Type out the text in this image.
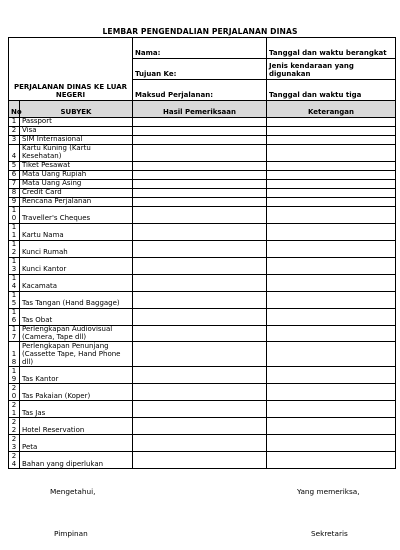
LEMBAR PENGENDALIAN PERJALANAN DINAS
PERJALANAN DINAS KE LUAR NEGERI		Nama:	Tanggal dan waktu berangkat
		Tujuan Ke:	Jenis kendaraan yang digunakan
		Maksud Perjalanan:	Tanggal dan waktu tiga
No	SUBYEK	Hasil Pemeriksaan	Keterangan
1	Passport		
2	Visa		
3	SIM Internasional		
4	Kartu Kuning (Kartu Kesehatan)		
5	Tiket Pesawat		
6	Mata Uang Rupiah		
7	Mata Uang Asing		
8	Credit Card		
9	Rencana Perjalanan		
10	Traveller's Cheques		
11	Kartu Nama		
12	Kunci Rumah		
13	Kunci Kantor		
14	Kacamata		
15	Tas Tangan (Hand Baggage)		
16	Tas Obat		
17	Perlengkapan Audiovisual (Camera, Tape dll)		
18	Perlengkapan Penunjang (Cassette Tape, Hand Phone dll)		
19	Tas Kantor		
20	Tas Pakaian (Koper)		
21	Tas Jas		
22	Hotel Reservation		
23	Peta		
24	Bahan yang diperlukan		
Mengetahui,	Yang memeriksa,
Pimpinan	Sekretaris
